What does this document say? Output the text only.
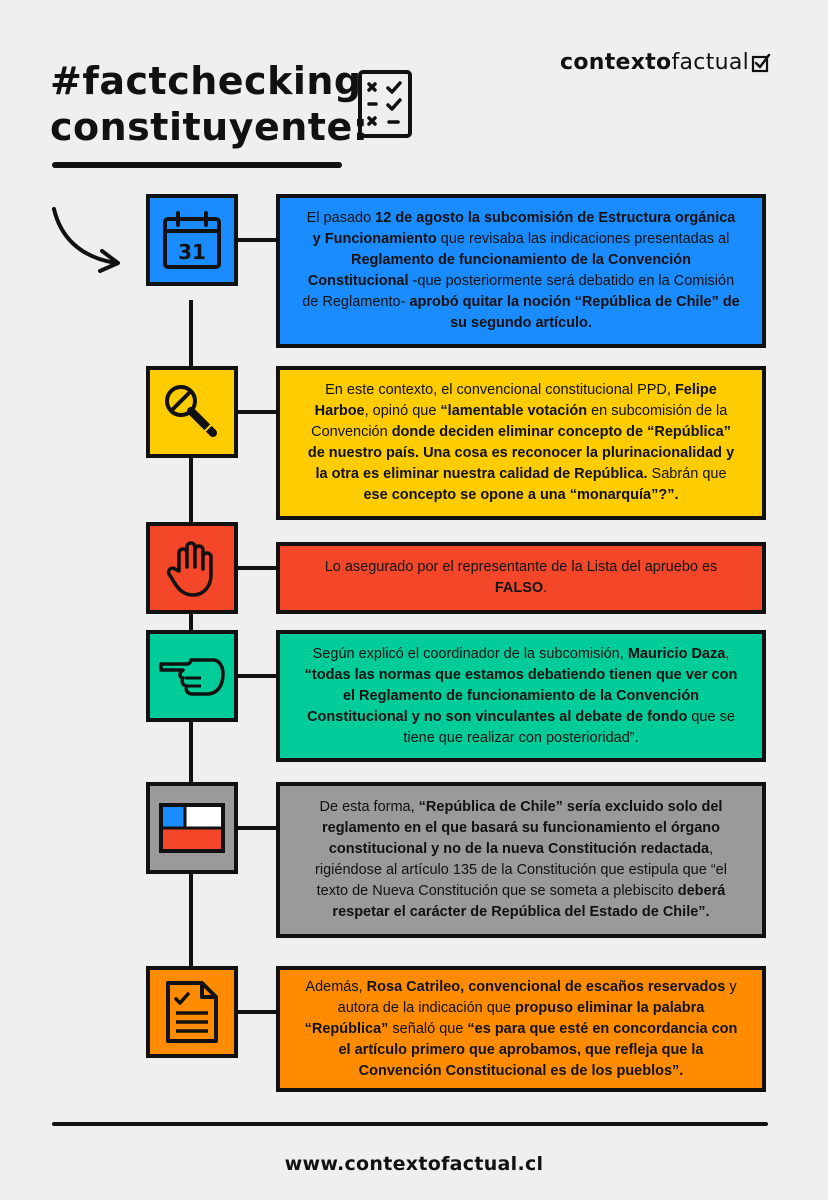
#factchecking
constituyente:
contextofactual
31

El pasado 12 de agosto la subcomisión de Estructura orgánica y Funcionamiento que revisaba las indicaciones presentadas al Reglamento de funcionamiento de la Convención Constitucional -que posteriormente será debatido en la Comisión de Reglamento- aprobó quitar la noción “República de Chile” de su segundo artículo.

En este contexto, el convencional constitucional PPD, Felipe Harboe, opinó que “lamentable votación en subcomisión de la Convención donde deciden eliminar concepto de “República” de nuestro país. Una cosa es reconocer la plurinacionalidad y la otra es eliminar nuestra calidad de República. Sabrán que ese concepto se opone a una “monarquía”?”.

Lo asegurado por el representante de la Lista del apruebo es FALSO.

Según explicó el coordinador de la subcomisión, Mauricio Daza, “todas las normas que estamos debatiendo tienen que ver con el Reglamento de funcionamiento de la Convención Constitucional y no son vinculantes al debate de fondo que se tiene que realizar con posterioridad”.

De esta forma, “República de Chile” sería excluido solo del reglamento en el que basará su funcionamiento el órgano constitucional y no de la nueva Constitución redactada, rigiéndose al artículo 135 de la Constitución que estipula que “el texto de Nueva Constitución que se someta a plebiscito deberá respetar el carácter de República del Estado de Chile”.

Además, Rosa Catrileo, convencional de escaños reservados y autora de la indicación que propuso eliminar la palabra “República” señaló que “es para que esté en concordancia con el artículo primero que aprobamos, que refleja que la Convención Constitucional es de los pueblos”.

www.contextofactual.cl
